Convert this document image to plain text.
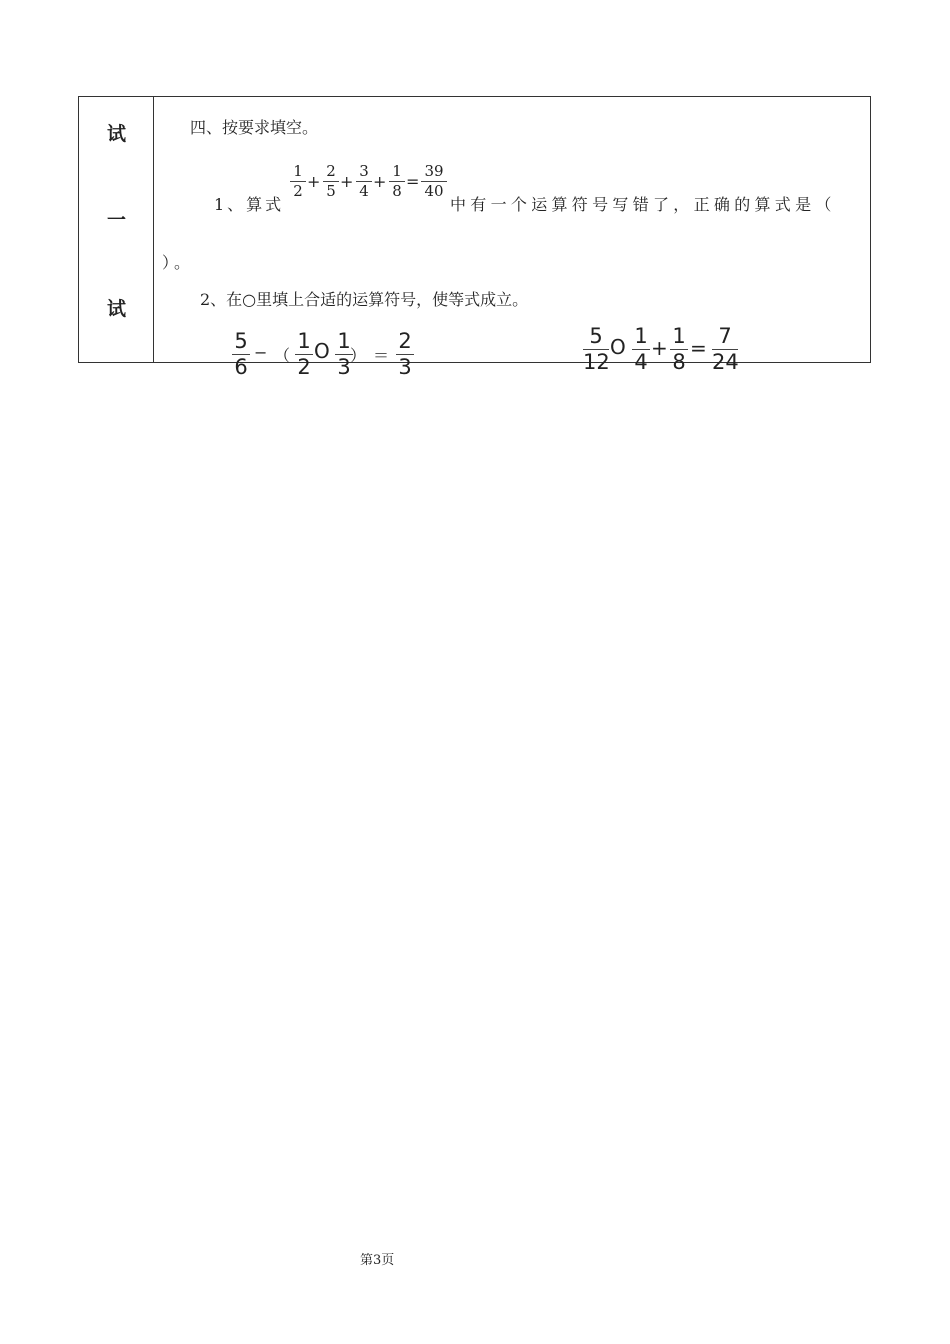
试
一
试
四、按要求填空。
1、算式
1
2 +
2
5 +
3
4 +
1
8 =
39
40
中有一个运算符号写错了，正确的算式是（
）。
2、在○里填上合适的运算符号，使等式成立。
5
6
− （
1
2
O 1
3 ） ＝
2
3
5
12
O 1
4
+ 1
8
= 7
24
第3页
